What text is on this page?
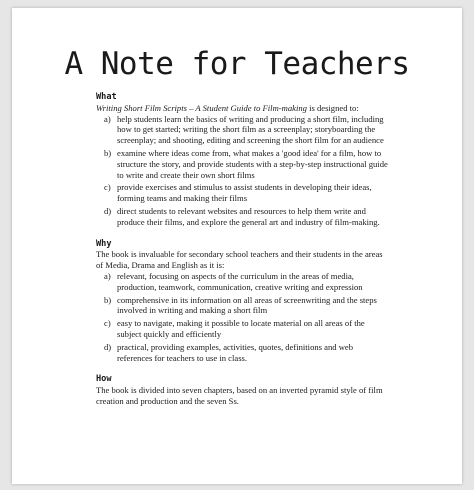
A Note for Teachers

What

Writing Short Film Scripts – A Student Guide to Film-making is designed to:

a) help students learn the basics of writing and producing a short film, including how to get started; writing the short film as a screenplay; storyboarding the screenplay; and shooting, editing and screening the short film for an audience
b) examine where ideas come from, what makes a 'good idea' for a film, how to structure the story, and provide students with a step-by-step instructional guide to write and create their own short films
c) provide exercises and stimulus to assist students in developing their ideas, forming teams and making their films
d) direct students to relevant websites and resources to help them write and produce their films, and explore the general art and industry of film-making.

Why

The book is invaluable for secondary school teachers and their students in the areas of Media, Drama and English as it is:

a) relevant, focusing on aspects of the curriculum in the areas of media, production, teamwork, communication, creative writing and expression
b) comprehensive in its information on all areas of screenwriting and the steps involved in writing and making a short film
c) easy to navigate, making it possible to locate material on all areas of the subject quickly and efficiently
d) practical, providing examples, activities, quotes, definitions and web references for teachers to use in class.

How

The book is divided into seven chapters, based on an inverted pyramid style of film creation and production and the seven Ss.
